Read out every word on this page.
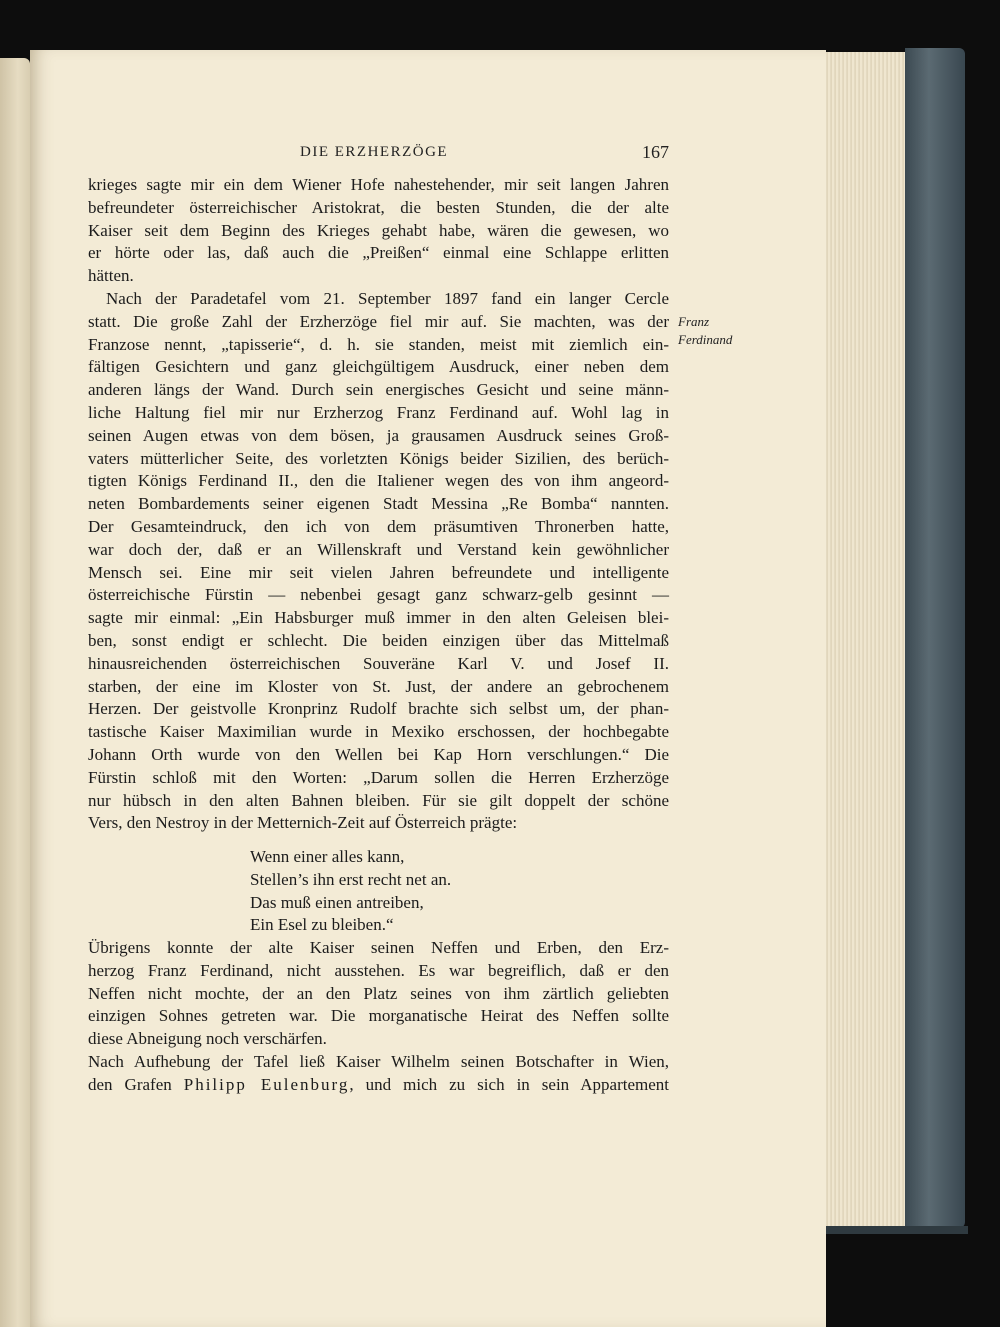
DIE ERZHERZÖGE	167
Franz
Ferdinand
krieges sagte mir ein dem Wiener Hofe nahestehender, mir seit langen Jahren
befreundeter österreichischer Aristokrat, die besten Stunden, die der alte
Kaiser seit dem Beginn des Krieges gehabt habe, wären die gewesen, wo
er hörte oder las, daß auch die „Preißen“ einmal eine Schlappe erlitten
hätten.
Nach der Paradetafel vom 21. September 1897 fand ein langer Cercle
statt. Die große Zahl der Erzherzöge fiel mir auf. Sie machten, was der
Franzose nennt, „tapisserie“, d. h. sie standen, meist mit ziemlich ein-
fältigen Gesichtern und ganz gleichgültigem Ausdruck, einer neben dem
anderen längs der Wand. Durch sein energisches Gesicht und seine männ-
liche Haltung fiel mir nur Erzherzog Franz Ferdinand auf. Wohl lag in
seinen Augen etwas von dem bösen, ja grausamen Ausdruck seines Groß-
vaters mütterlicher Seite, des vorletzten Königs beider Sizilien, des berüch-
tigten Königs Ferdinand II., den die Italiener wegen des von ihm angeord-
neten Bombardements seiner eigenen Stadt Messina „Re Bomba“ nannten.
Der Gesamteindruck, den ich von dem präsumtiven Thronerben hatte,
war doch der, daß er an Willenskraft und Verstand kein gewöhnlicher
Mensch sei. Eine mir seit vielen Jahren befreundete und intelligente
österreichische Fürstin — nebenbei gesagt ganz schwarz-gelb gesinnt —
sagte mir einmal: „Ein Habsburger muß immer in den alten Geleisen blei-
ben, sonst endigt er schlecht. Die beiden einzigen über das Mittelmaß
hinausreichenden österreichischen Souveräne Karl V. und Josef II.
starben, der eine im Kloster von St. Just, der andere an gebrochenem
Herzen. Der geistvolle Kronprinz Rudolf brachte sich selbst um, der phan-
tastische Kaiser Maximilian wurde in Mexiko erschossen, der hochbegabte
Johann Orth wurde von den Wellen bei Kap Horn verschlungen.“ Die
Fürstin schloß mit den Worten: „Darum sollen die Herren Erzherzöge
nur hübsch in den alten Bahnen bleiben. Für sie gilt doppelt der schöne
Vers, den Nestroy in der Metternich-Zeit auf Österreich prägte:
Wenn einer alles kann,
Stellen’s ihn erst recht net an.
Das muß einen antreiben,
Ein Esel zu bleiben.“
Übrigens konnte der alte Kaiser seinen Neffen und Erben, den Erz-
herzog Franz Ferdinand, nicht ausstehen. Es war begreiflich, daß er den
Neffen nicht mochte, der an den Platz seines von ihm zärtlich geliebten
einzigen Sohnes getreten war. Die morganatische Heirat des Neffen sollte
diese Abneigung noch verschärfen.
Nach Aufhebung der Tafel ließ Kaiser Wilhelm seinen Botschafter in Wien,
den Grafen Philipp Eulenburg, und mich zu sich in sein Appartement
